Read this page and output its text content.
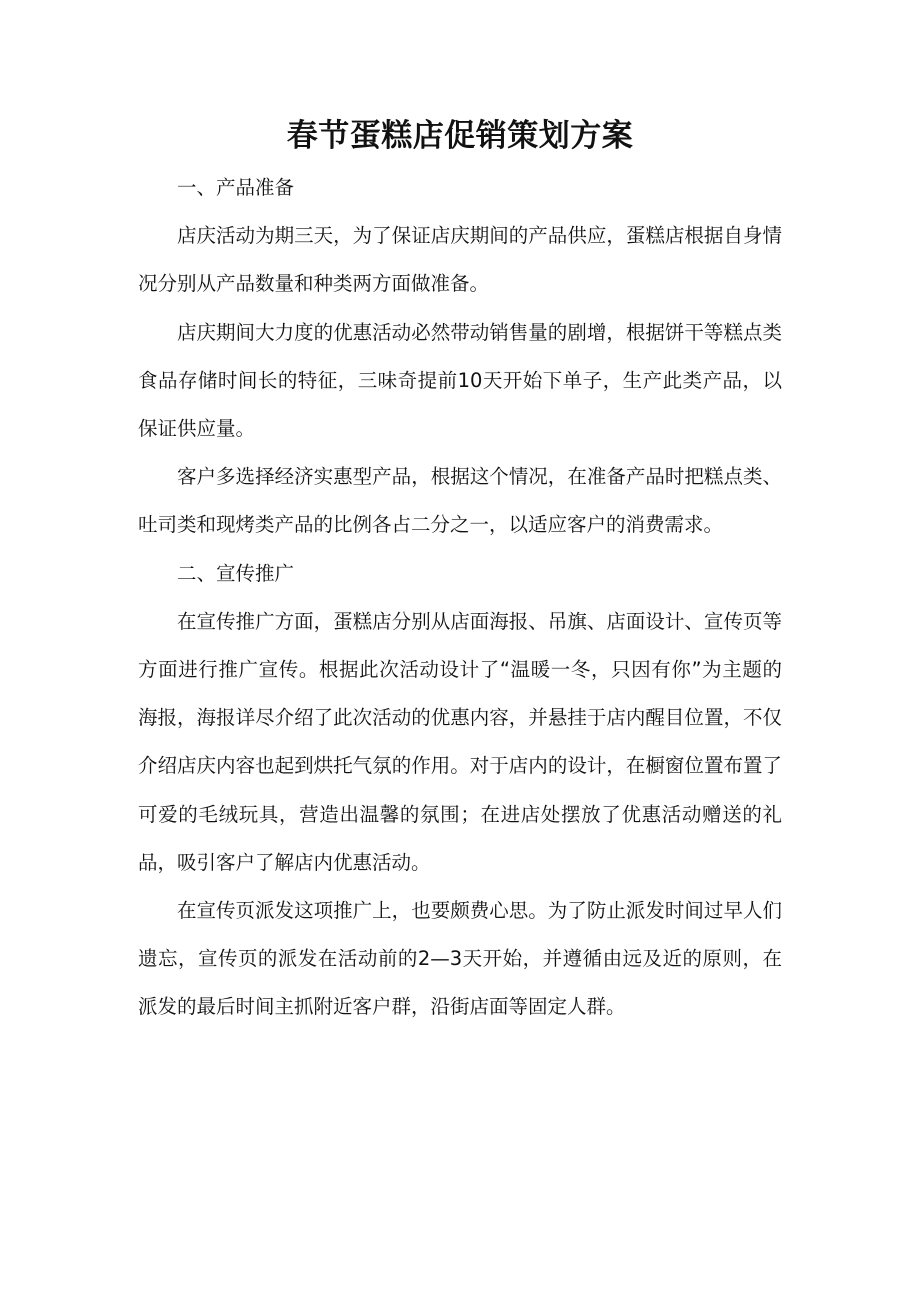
春节蛋糕店促销策划方案

一、产品准备

店庆活动为期三天，为了保证店庆期间的产品供应，蛋糕店根据自身情况分别从产品数量和种类两方面做准备。

店庆期间大力度的优惠活动必然带动销售量的剧增，根据饼干等糕点类食品存储时间长的特征，三味奇提前10天开始下单子，生产此类产品，以保证供应量。

客户多选择经济实惠型产品，根据这个情况，在准备产品时把糕点类、吐司类和现烤类产品的比例各占二分之一，以适应客户的消费需求。

二、宣传推广

在宣传推广方面，蛋糕店分别从店面海报、吊旗、店面设计、宣传页等方面进行推广宣传。根据此次活动设计了“温暖一冬，只因有你”为主题的海报，海报详尽介绍了此次活动的优惠内容，并悬挂于店内醒目位置，不仅介绍店庆内容也起到烘托气氛的作用。对于店内的设计，在橱窗位置布置了可爱的毛绒玩具，营造出温馨的氛围；在进店处摆放了优惠活动赠送的礼品，吸引客户了解店内优惠活动。

在宣传页派发这项推广上，也要颇费心思。为了防止派发时间过早人们遗忘，宣传页的派发在活动前的2—3天开始，并遵循由远及近的原则，在派发的最后时间主抓附近客户群，沿街店面等固定人群。
